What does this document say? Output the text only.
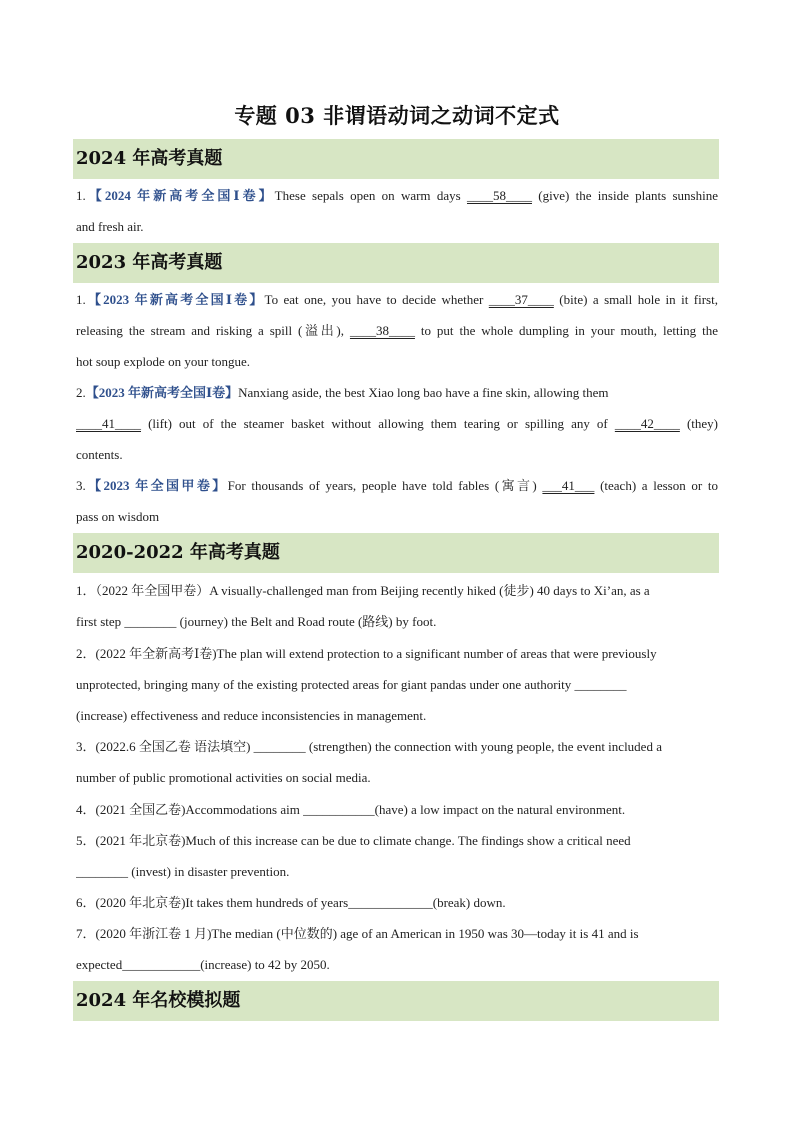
专题 03 非谓语动词之动词不定式
2024 年高考真题
1.【2024 年新高考全国Ⅰ卷】These sepals open on warm days ____58____ (give) the inside plants sunshine
and fresh air.
2023 年高考真题
1.【2023 年新高考全国Ⅰ卷】To eat one, you have to decide whether ____37____ (bite) a small hole in it first,
releasing the stream and risking a spill (溢出), ____38____ to put the whole dumpling in your mouth, letting the
hot soup explode on your tongue.
2.【2023 年新高考全国Ⅰ卷】Nanxiang aside, the best Xiao long bao have a fine skin, allowing them
____41____ (lift) out of the steamer basket without allowing them tearing or spilling any of ____42____ (they)
contents.
3.【2023 年全国甲卷】For thousands of years, people have told fables (寓言) ___41___ (teach) a lesson or to
pass on wisdom
2020-2022 年高考真题
1．（2022 年全国甲卷）A visually-challenged man from Beijing recently hiked (徒步) 40 days to Xi’an, as a
first step ________ (journey) the Belt and Road route (路线) by foot.
2．(2022 年全新高考Ⅰ卷)The plan will extend protection to a significant number of areas that were previously
unprotected, bringing many of the existing protected areas for giant pandas under one authority ________
(increase) effectiveness and reduce inconsistencies in management.
3．(2022.6 全国乙卷 语法填空) ________ (strengthen) the connection with young people, the event included a
number of public promotional activities on social media.
4．(2021 全国乙卷)Accommodations aim ___________(have) a low impact on the natural environment.
5．(2021 年北京卷)Much of this increase can be due to climate change. The findings show a critical need
________ (invest) in disaster prevention.
6．(2020 年北京卷)It takes them hundreds of years_____________(break) down.
7．(2020 年浙江卷 1 月)The median (中位数的) age of an American in 1950 was 30—today it is 41 and is
expected____________(increase) to 42 by 2050.
2024 年名校模拟题
